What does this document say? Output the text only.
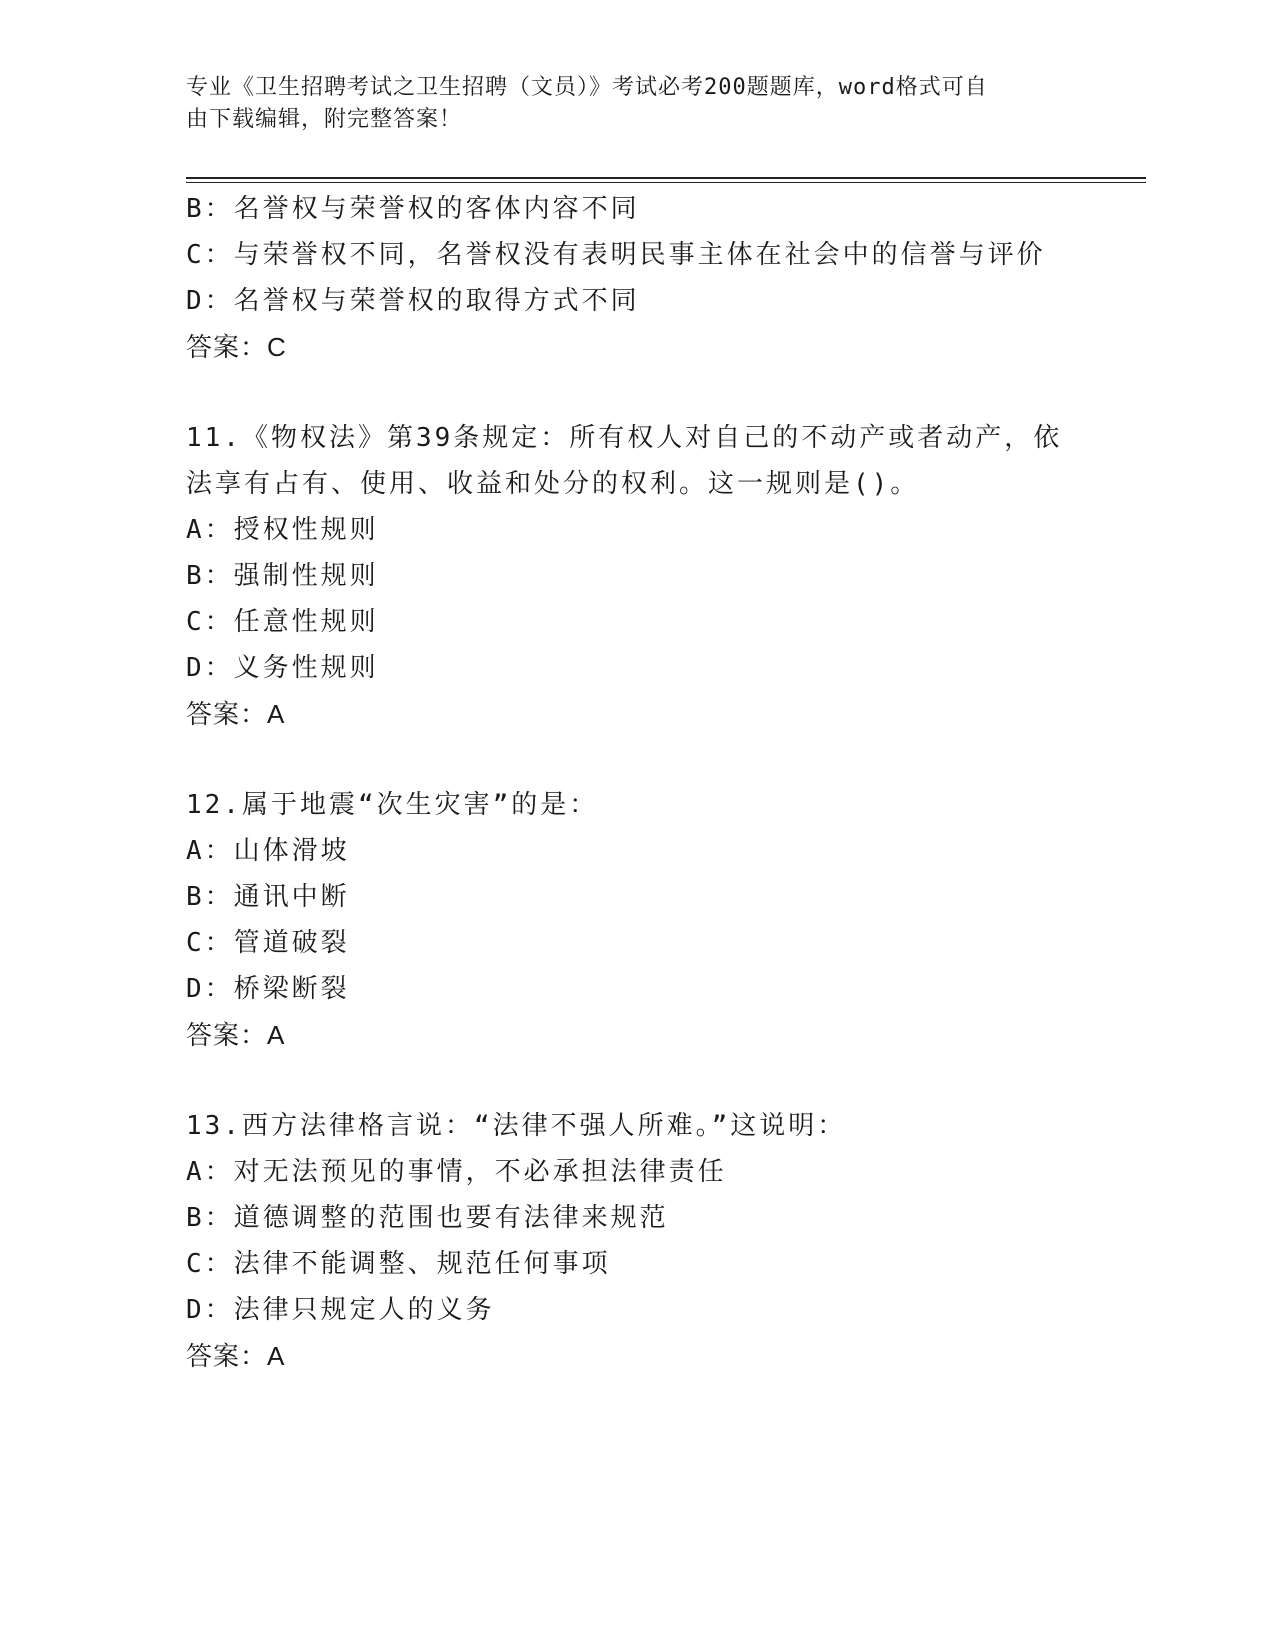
专业《卫生招聘考试之卫生招聘（文员）》考试必考200题题库，word格式可自

由下载编辑，附完整答案！

B：名誉权与荣誉权的客体内容不同
C：与荣誉权不同，名誉权没有表明民事主体在社会中的信誉与评价
D：名誉权与荣誉权的取得方式不同
答案：C
11.《物权法》第39条规定：所有权人对自己的不动产或者动产，依
法享有占有、使用、收益和处分的权利。这一规则是()。
A：授权性规则
B：强制性规则
C：任意性规则
D：义务性规则
答案：A
12.属于地震“次生灾害”的是：
A：山体滑坡
B：通讯中断
C：管道破裂
D：桥梁断裂
答案：A
13.西方法律格言说：“法律不强人所难。”这说明：
A：对无法预见的事情，不必承担法律责任
B：道德调整的范围也要有法律来规范
C：法律不能调整、规范任何事项
D：法律只规定人的义务
答案：A
